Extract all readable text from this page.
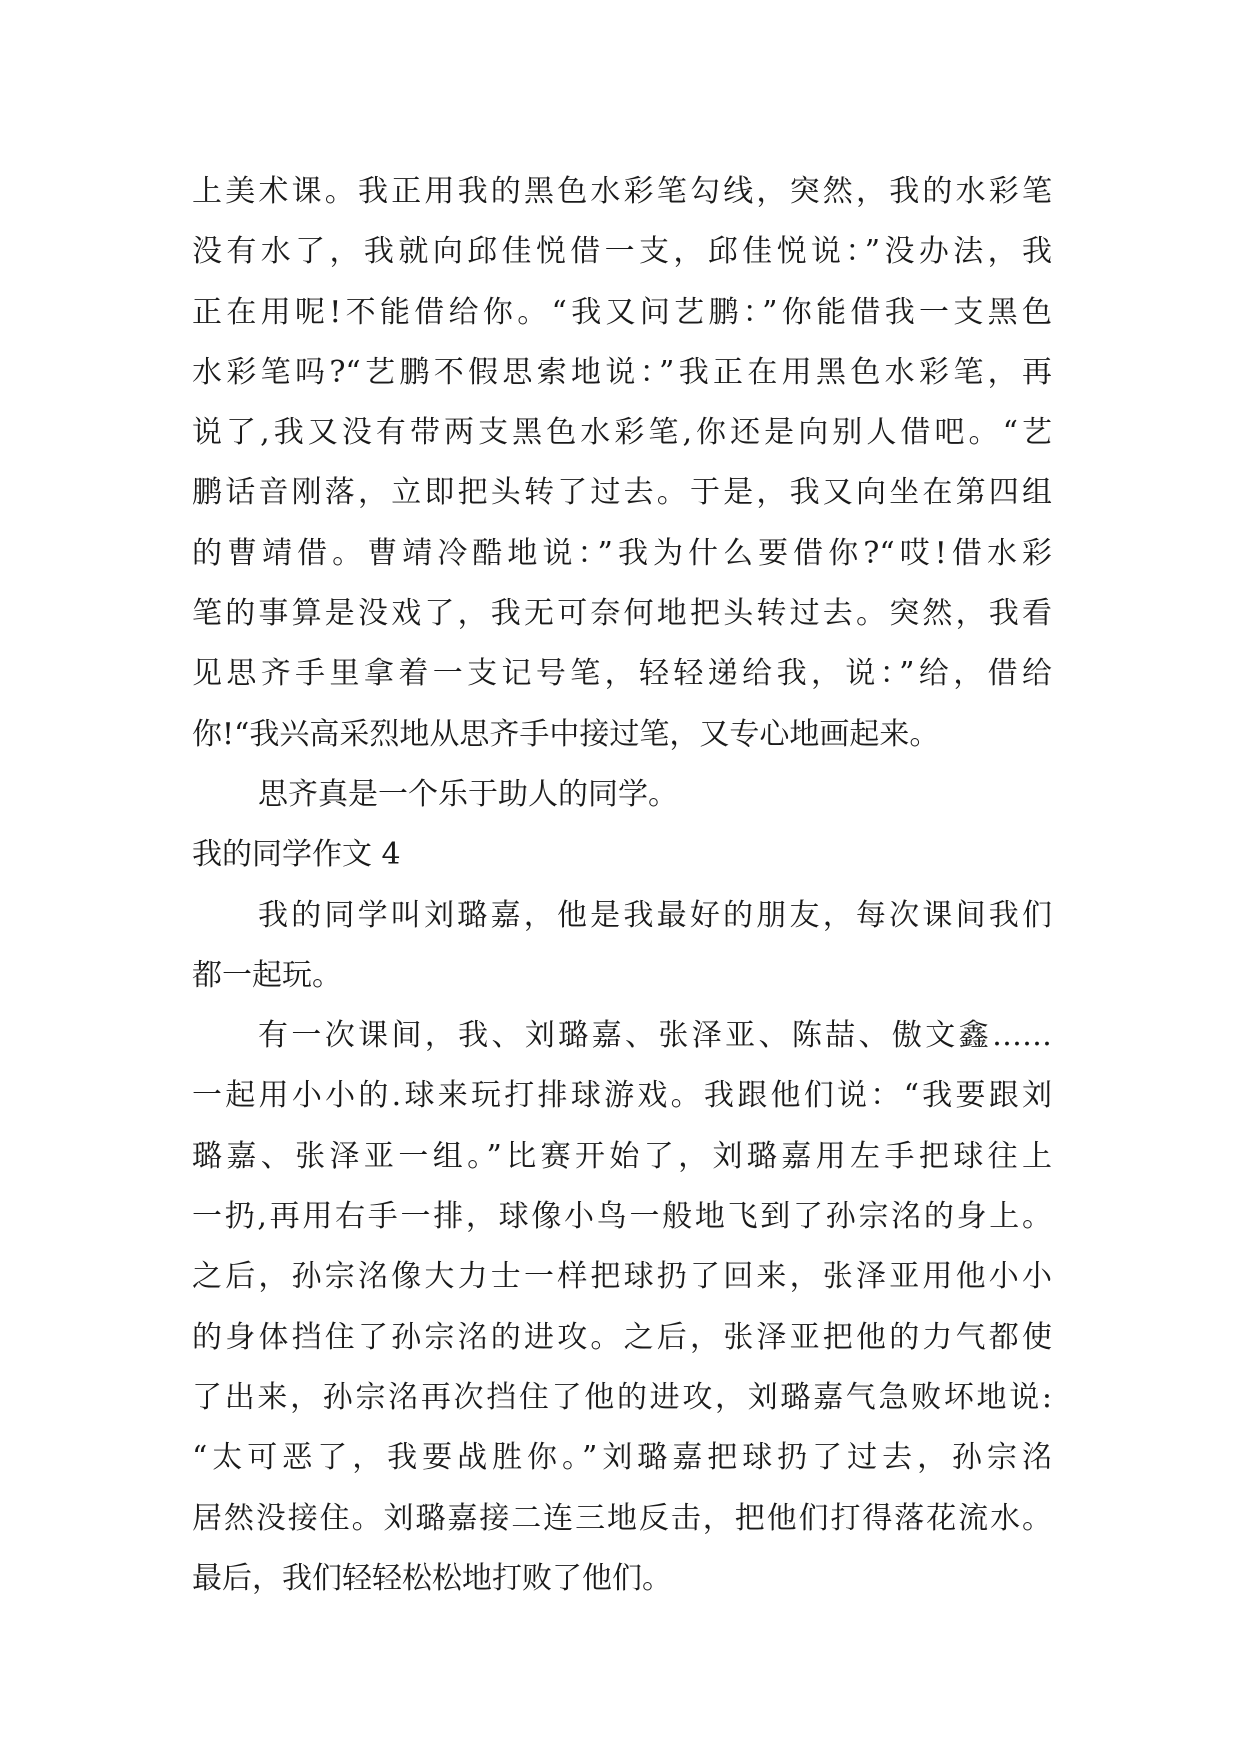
上美术课。我正用我的黑色水彩笔勾线，突然，我的水彩笔
没有水了，我就向邱佳悦借一支，邱佳悦说：”没办法，我
正在用呢!不能借给你。“我又问艺鹏：”你能借我一支黑色
水彩笔吗?“艺鹏不假思索地说：”我正在用黑色水彩笔，再
说了,我又没有带两支黑色水彩笔,你还是向别人借吧。“艺
鹏话音刚落，立即把头转了过去。于是，我又向坐在第四组
的曹靖借。曹靖冷酷地说：”我为什么要借你?“哎!借水彩
笔的事算是没戏了，我无可奈何地把头转过去。突然，我看
见思齐手里拿着一支记号笔，轻轻递给我，说：”给，借给
你!“我兴高采烈地从思齐手中接过笔，又专心地画起来。
思齐真是一个乐于助人的同学。
我的同学作文 4
我的同学叫刘璐嘉，他是我最好的朋友，每次课间我们
都一起玩。
有一次课间，我、刘璐嘉、张泽亚、陈喆、傲文鑫……
一起用小小的.球来玩打排球游戏。我跟他们说：“我要跟刘
璐嘉、张泽亚一组。”比赛开始了，刘璐嘉用左手把球往上
一扔,再用右手一排，球像小鸟一般地飞到了孙宗洺的身上。
之后，孙宗洺像大力士一样把球扔了回来，张泽亚用他小小
的身体挡住了孙宗洺的进攻。之后，张泽亚把他的力气都使
了出来，孙宗洺再次挡住了他的进攻，刘璐嘉气急败坏地说:
“太可恶了，我要战胜你。”刘璐嘉把球扔了过去，孙宗洺
居然没接住。刘璐嘉接二连三地反击，把他们打得落花流水。
最后，我们轻轻松松地打败了他们。
